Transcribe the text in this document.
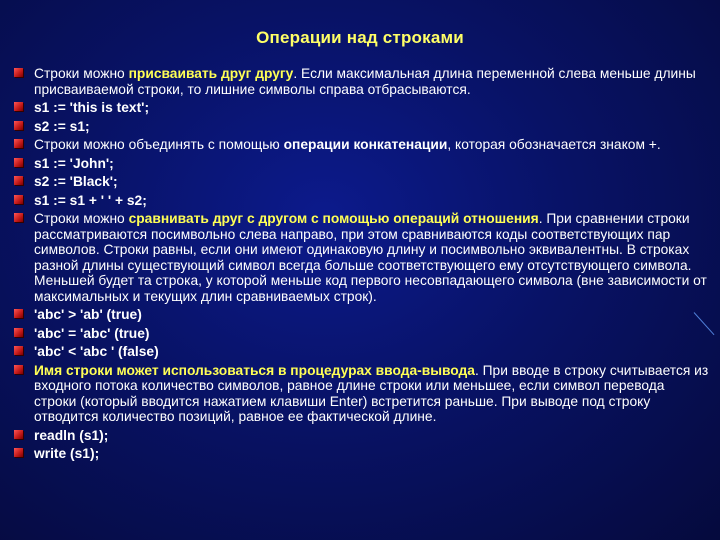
Операции над строками
Строки можно присваивать друг другу. Если максимальная длина переменной слева меньше длины присваиваемой строки, то лишние символы справа отбрасываются.
s1 := 'this is text';
s2 := s1;
Строки можно объединять с помощью операции конкатенации, которая обозначается знаком +.
s1 := 'John';
s2 := 'Black';
s1 := s1 + ' ' + s2;
Строки можно сравнивать друг с другом с помощью операций отношения. При сравнении строки рассматриваются посимвольно слева направо, при этом сравниваются коды соответствующих пар символов. Строки равны, если они имеют одинаковую длину и посимвольно эквивалентны. В строках разной длины существующий символ всегда больше соответствующего ему отсутствующего символа. Меньшей будет та строка, у которой меньше код первого несовпадающего символа (вне зависимости от максимальных и текущих длин сравниваемых строк).
'abc' > 'ab' (true)
'abc' = 'abc' (true)
'abc' < 'abc ' (false)
Имя строки может использоваться в процедурах ввода-вывода. При вводе в строку считывается из входного потока количество символов, равное длине строки или меньшее, если символ перевода строки (который вводится нажатием клавиши Enter) встретится раньше. При выводе под строку отводится количество позиций, равное ее фактической длине.
readln (s1);
write (s1);
